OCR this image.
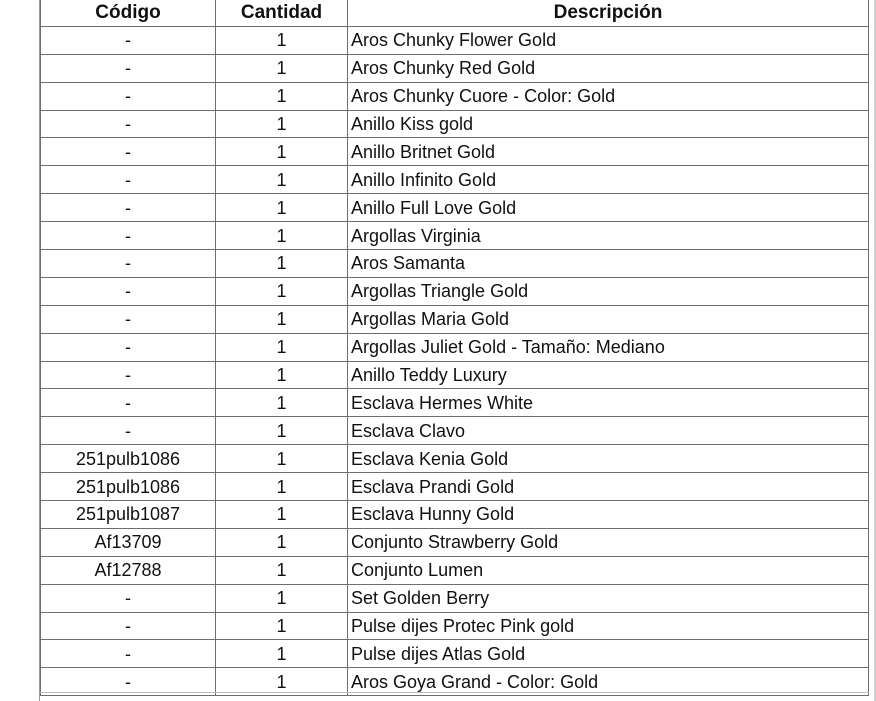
Código	Cantidad	Descripción
-	1	Aros Chunky Flower Gold
-	1	Aros Chunky Red Gold
-	1	Aros Chunky Cuore - Color: Gold
-	1	Anillo Kiss gold
-	1	Anillo Britnet Gold
-	1	Anillo Infinito Gold
-	1	Anillo Full Love Gold
-	1	Argollas Virginia
-	1	Aros Samanta
-	1	Argollas Triangle Gold
-	1	Argollas Maria Gold
-	1	Argollas Juliet Gold - Tamaño: Mediano
-	1	Anillo Teddy Luxury
-	1	Esclava Hermes White
-	1	Esclava Clavo
251pulb1086	1	Esclava Kenia Gold
251pulb1086	1	Esclava Prandi Gold
251pulb1087	1	Esclava Hunny Gold
Af13709	1	Conjunto Strawberry Gold
Af12788	1	Conjunto Lumen
-	1	Set Golden Berry
-	1	Pulse dijes Protec Pink gold
-	1	Pulse dijes Atlas Gold
-	1	Aros Goya Grand - Color: Gold
